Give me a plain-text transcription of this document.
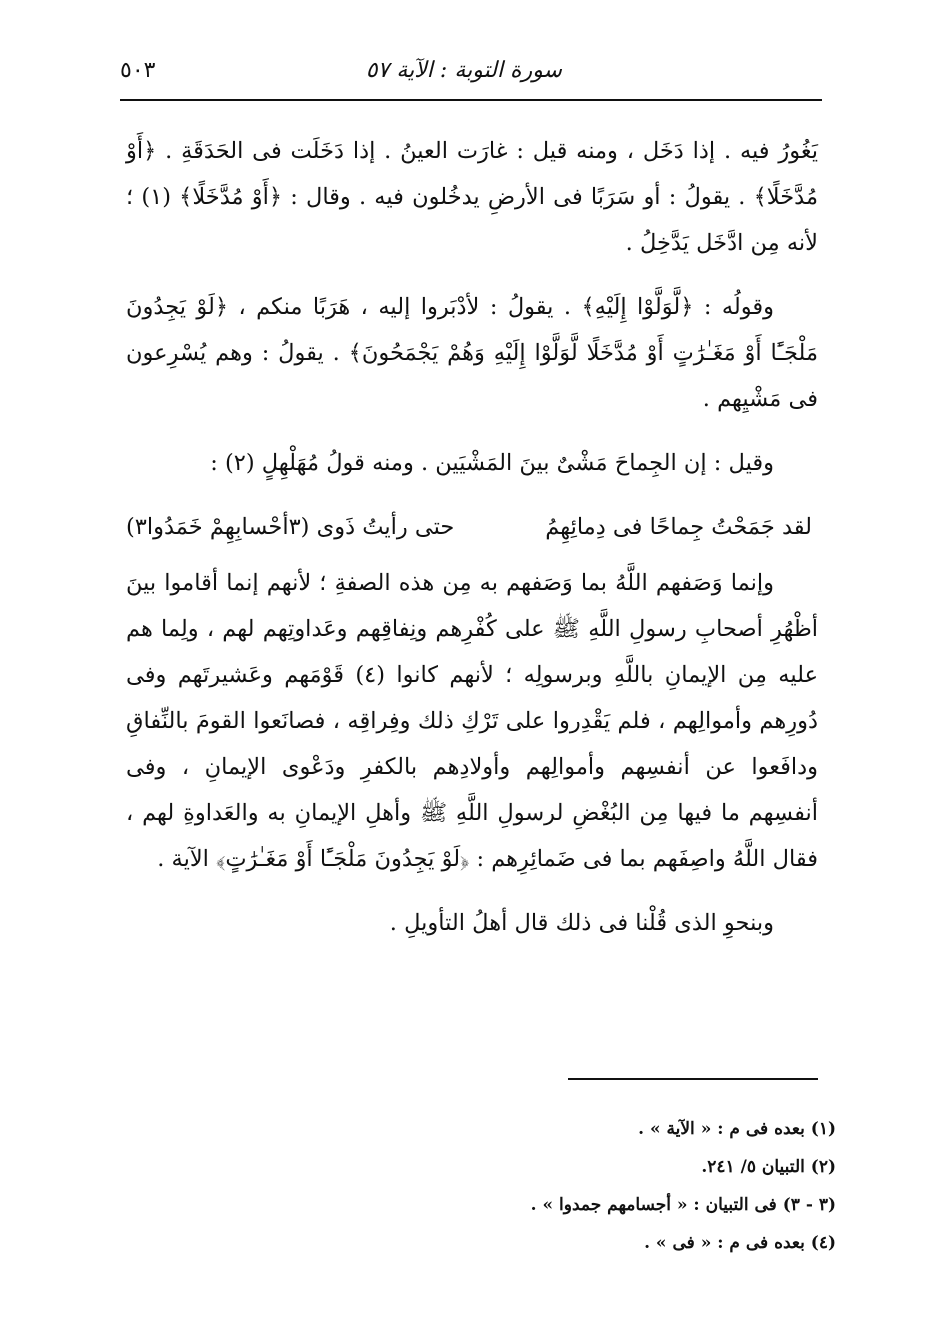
سورة التوبة : الآية ٥٧
٥٠٣

يَغُورُ فيه . إذا دَخَل ، ومنه قيل : غارَت العينُ . إذا دَخَلَت فى الحَدَقَةِ . ﴿أَوْ مُدَّخَلًا﴾ . يقولُ : أو سَرَبًا فى الأرضِ يدخُلون فيه . وقال : ﴿أَوْ مُدَّخَلًا﴾ (١) ؛ لأنه مِن ادَّخَل يَدَّخِلُ .

وقولُه : ﴿لَّوَلَّوْا إِلَيْهِ﴾ . يقولُ : لأدْبَروا إليه ، هَرَبًا منكم ، ﴿لَوْ يَجِدُونَ مَلْجَـًٔا أَوْ مَغَـٰرَٰتٍ أَوْ مُدَّخَلًا لَّوَلَّوْا إِلَيْهِ وَهُمْ يَجْمَحُونَ﴾ . يقولُ : وهم يُسْرِعون فى مَشْيِهم .

وقيل : إن الجِماحَ مَشْىٌ بينَ المَشْيَين . ومنه قولُ مُهَلْهِلٍ (٢) :

لقد جَمَحْتُ جِماحًا فى دِمائِهِمُ
حتى رأيتُ ذَوى (٣أحْسابِهِمْ خَمَدُوا٣)

وإنما وَصَفهم اللَّهُ بما وَصَفهم به مِن هذه الصفةِ ؛ لأنهم إنما أقاموا بينَ أظْهُرِ أصحابِ رسولِ اللَّهِ ﷺ على كُفْرِهم ونِفاقِهم وعَداوتِهم لهم ، ولِما هم عليه مِن الإيمانِ باللَّهِ وبرسولِه ؛ لأنهم كانوا (٤) قَوْمَهم وعَشيرتَهم وفى دُورِهم وأموالِهم ، فلم يَقْدِروا على تَرْكِ ذلك وفِراقِه ، فصانَعوا القومَ بالنِّفاقِ ودافَعوا عن أنفسِهم وأموالِهم وأولادِهم بالكفرِ ودَعْوى الإيمانِ ، وفى أنفسِهم ما فيها مِن البُغْضِ لرسولِ اللَّهِ ﷺ وأهلِ الإيمانِ به والعَداوةِ لهم ، فقال اللَّهُ واصِفَهم بما فى ضَمائِرِهم : ﴿لَوْ يَجِدُونَ مَلْجَـًٔا أَوْ مَغَـٰرَٰتٍ﴾ الآية .

وبنحوِ الذى قُلْنا فى ذلك قال أهلُ التأويلِ .

(١) بعده فى م : « الآية » .

(٢) التبيان ٥/ ٢٤١.

(٣ - ٣) فى التبيان : « أجسامهم جمدوا » .

(٤) بعده فى م : « فى » .
